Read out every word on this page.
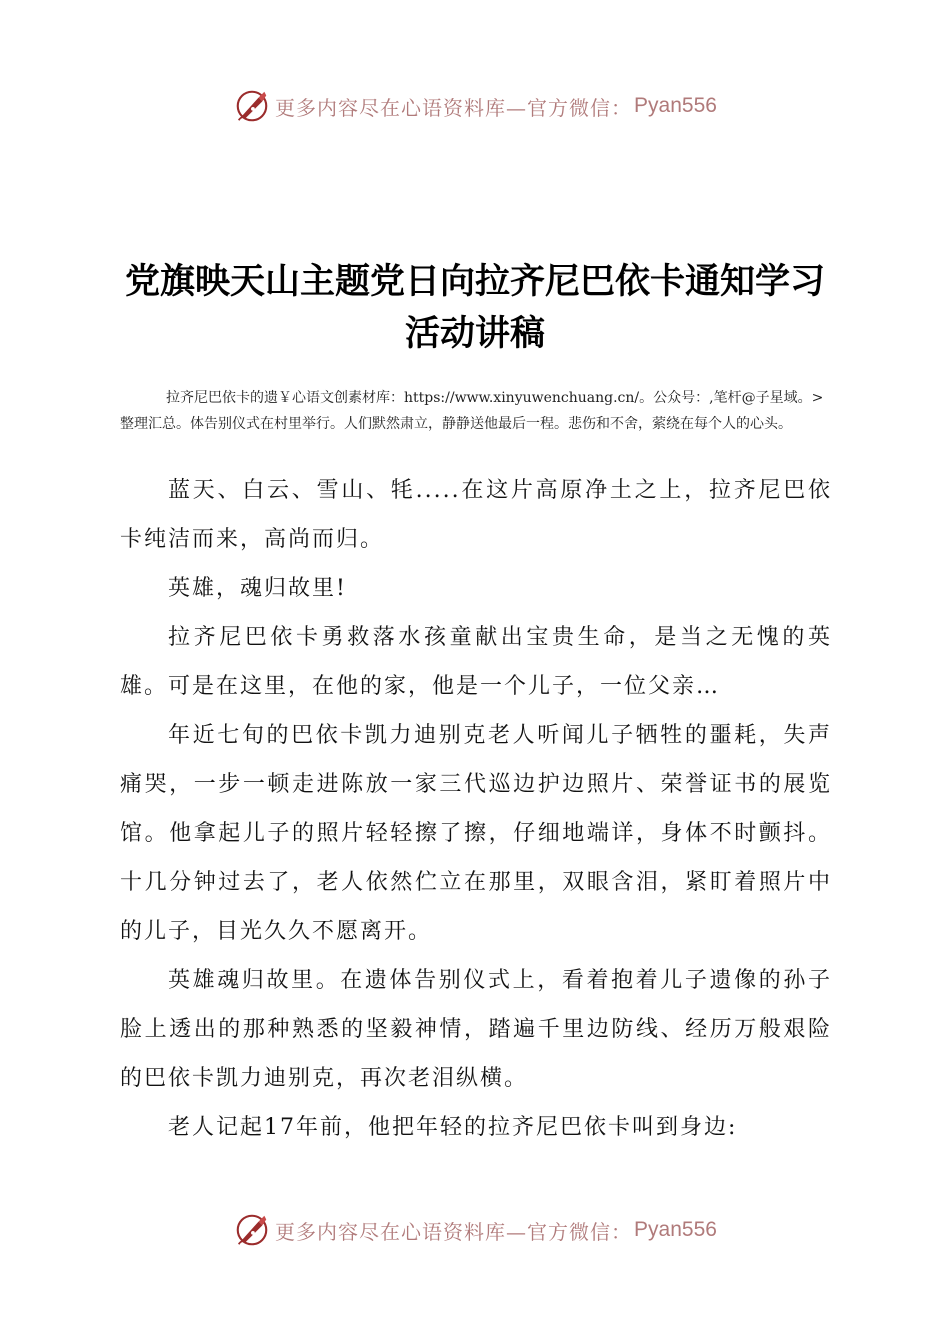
更多内容尽在心语资料库—官方微信： Pyan556
党旗映天山主题党日向拉齐尼巴依卡通知学习
活动讲稿

拉齐尼巴依卡的遗￥心语文创素材库：https://www.xinyuwenchuang.cn/。公众号：,笔杆@子星域。>整理汇总。体告别仪式在村里举行。人们默然肃立，静静送他最后一程。悲伤和不舍，萦绕在每个人的心头。

蓝天、白云、雪山、牦.....在这片高原净土之上，拉齐尼巴依卡纯洁而来，高尚而归。

英雄，魂归故里!

拉齐尼巴依卡勇救落水孩童献出宝贵生命，是当之无愧的英雄。可是在这里，在他的家，他是一个儿子，一位父亲…

年近七旬的巴依卡凯力迪别克老人听闻儿子牺牲的噩耗，失声痛哭，一步一顿走进陈放一家三代巡边护边照片、荣誉证书的展览馆。他拿起儿子的照片轻轻擦了擦，仔细地端详，身体不时颤抖。十几分钟过去了，老人依然伫立在那里，双眼含泪，紧盯着照片中的儿子，目光久久不愿离开。

英雄魂归故里。在遗体告别仪式上，看着抱着儿子遗像的孙子脸上透出的那种熟悉的坚毅神情，踏遍千里边防线、经历万般艰险的巴依卡凯力迪别克，再次老泪纵横。

老人记起17年前，他把年轻的拉齐尼巴依卡叫到身边:

更多内容尽在心语资料库—官方微信： Pyan556
